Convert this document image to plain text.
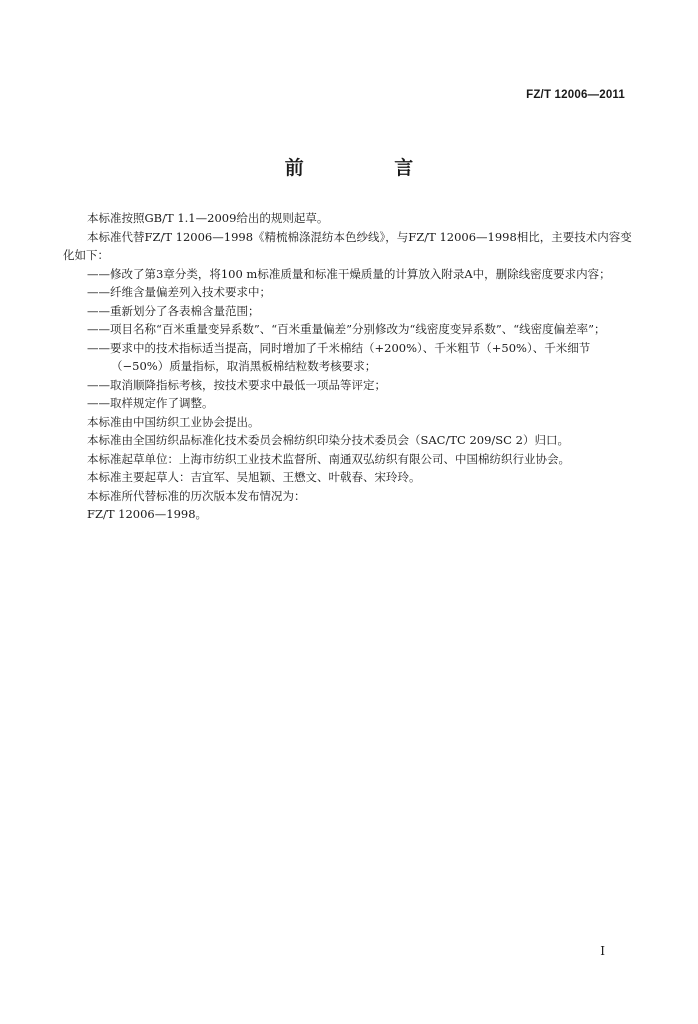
FZ/T 12006—2011

前 言

本标准按照GB/T 1.1—2009给出的规则起草。

本标准代替FZ/T 12006—1998《精梳棉涤混纺本色纱线》，与FZ/T 12006—1998相比，主要技术内容变化如下：

——修改了第3章分类，将100 m标准质量和标准干燥质量的计算放入附录A中，删除线密度要求内容；

——纤维含量偏差列入技术要求中；

——重新划分了各表棉含量范围；

——项目名称“百米重量变异系数”、“百米重量偏差”分别修改为“线密度变异系数”、“线密度偏差率”；

——要求中的技术指标适当提高，同时增加了千米棉结（+200%）、千米粗节（+50%）、千米细节（−50%）质量指标，取消黑板棉结粒数考核要求；

——取消顺降指标考核，按技术要求中最低一项品等评定；

——取样规定作了调整。

本标准由中国纺织工业协会提出。

本标准由全国纺织品标准化技术委员会棉纺织印染分技术委员会（SAC/TC 209/SC 2）归口。

本标准起草单位：上海市纺织工业技术监督所、南通双弘纺织有限公司、中国棉纺织行业协会。

本标准主要起草人：吉宜军、吴旭颖、王懋文、叶戟春、宋玲玲。

本标准所代替标准的历次版本发布情况为：

FZ/T 12006—1998。

I
